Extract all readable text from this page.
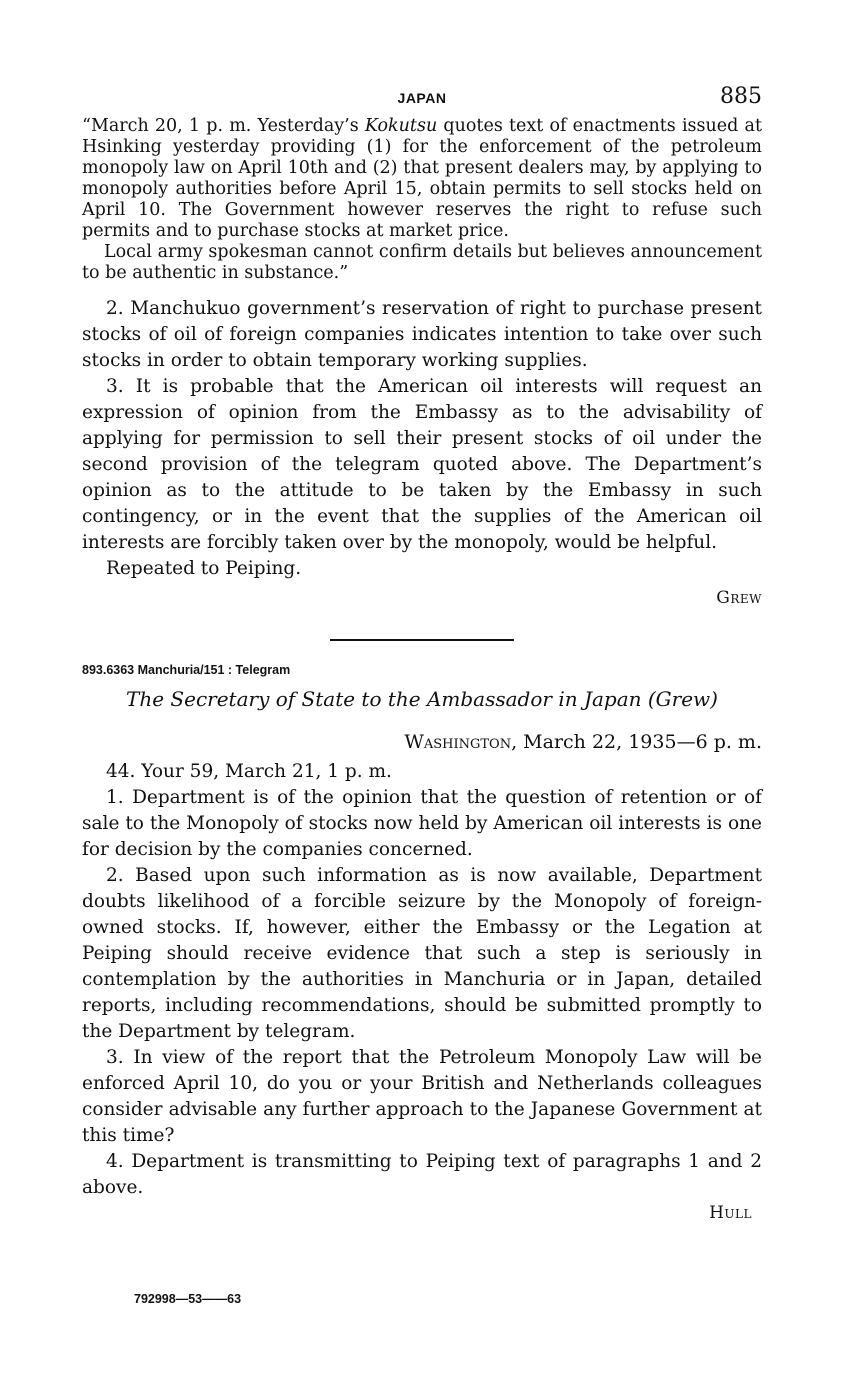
JAPAN	885

“March 20, 1 p. m. Yesterday’s Kokutsu quotes text of enactments issued at Hsinking yesterday providing (1) for the enforcement of the petroleum monopoly law on April 10th and (2) that present dealers may, by applying to monopoly authorities before April 15, obtain permits to sell stocks held on April 10. The Government however reserves the right to refuse such permits and to purchase stocks at market price.

Local army spokesman cannot confirm details but believes announcement to be authentic in substance.”

2. Manchukuo government’s reservation of right to purchase present stocks of oil of foreign companies indicates intention to take over such stocks in order to obtain temporary working supplies.

3. It is probable that the American oil interests will request an expression of opinion from the Embassy as to the advisability of applying for permission to sell their present stocks of oil under the second provision of the telegram quoted above. The Department’s opinion as to the attitude to be taken by the Embassy in such contingency, or in the event that the supplies of the American oil interests are forcibly taken over by the monopoly, would be helpful.

Repeated to Peiping.

Grew
893.6363 Manchuria/151 : Telegram
The Secretary of State to the Ambassador in Japan (Grew)
Washington, March 22, 1935—6 p. m.

44. Your 59, March 21, 1 p. m.

1. Department is of the opinion that the question of retention or of sale to the Monopoly of stocks now held by American oil interests is one for decision by the companies concerned.

2. Based upon such information as is now available, Department doubts likelihood of a forcible seizure by the Monopoly of foreign-owned stocks. If, however, either the Embassy or the Legation at Peiping should receive evidence that such a step is seriously in contemplation by the authorities in Manchuria or in Japan, detailed reports, including recommendations, should be submitted promptly to the Department by telegram.

3. In view of the report that the Petroleum Monopoly Law will be enforced April 10, do you or your British and Netherlands colleagues consider advisable any further approach to the Japanese Government at this time?

4. Department is transmitting to Peiping text of paragraphs 1 and 2 above.

Hull
792998—53——63
